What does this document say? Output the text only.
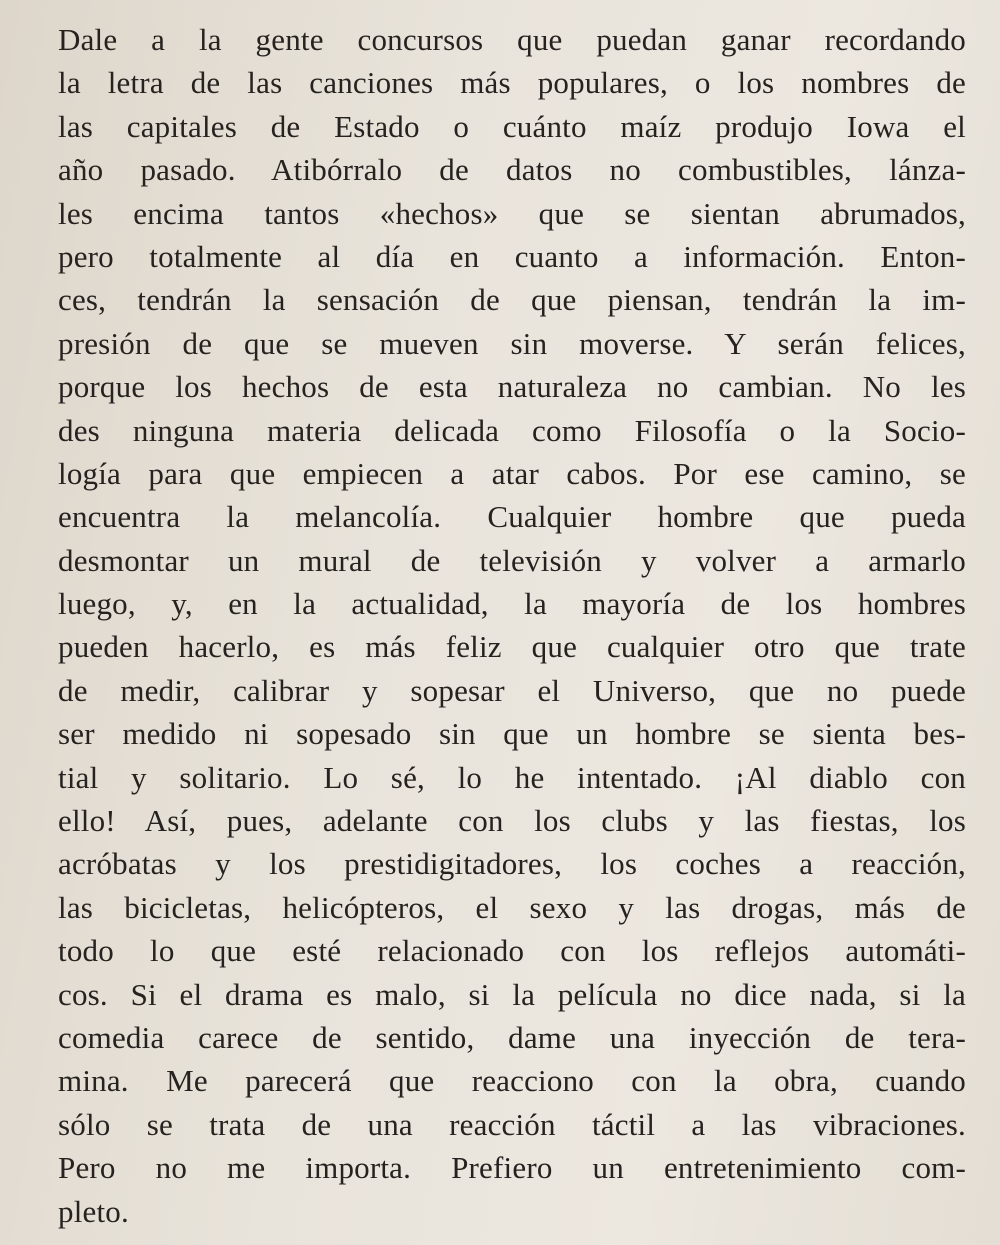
Dale a la gente concursos que puedan ganar recordando
la letra de las canciones más populares, o los nombres de
las capitales de Estado o cuánto maíz produjo Iowa el
año pasado. Atibórralo de datos no combustibles, lánza-
les encima tantos «hechos» que se sientan abrumados,
pero totalmente al día en cuanto a información. Enton-
ces, tendrán la sensación de que piensan, tendrán la im-
presión de que se mueven sin moverse. Y serán felices,
porque los hechos de esta naturaleza no cambian. No les
des ninguna materia delicada como Filosofía o la Socio-
logía para que empiecen a atar cabos. Por ese camino, se
encuentra la melancolía. Cualquier hombre que pueda
desmontar un mural de televisión y volver a armarlo
luego, y, en la actualidad, la mayoría de los hombres
pueden hacerlo, es más feliz que cualquier otro que trate
de medir, calibrar y sopesar el Universo, que no puede
ser medido ni sopesado sin que un hombre se sienta bes-
tial y solitario. Lo sé, lo he intentado. ¡Al diablo con
ello! Así, pues, adelante con los clubs y las fiestas, los
acróbatas y los prestidigitadores, los coches a reacción,
las bicicletas, helicópteros, el sexo y las drogas, más de
todo lo que esté relacionado con los reflejos automáti-
cos. Si el drama es malo, si la película no dice nada, si la
comedia carece de sentido, dame una inyección de tera-
mina. Me parecerá que reacciono con la obra, cuando
sólo se trata de una reacción táctil a las vibraciones.
Pero no me importa. Prefiero un entretenimiento com-
pleto.
